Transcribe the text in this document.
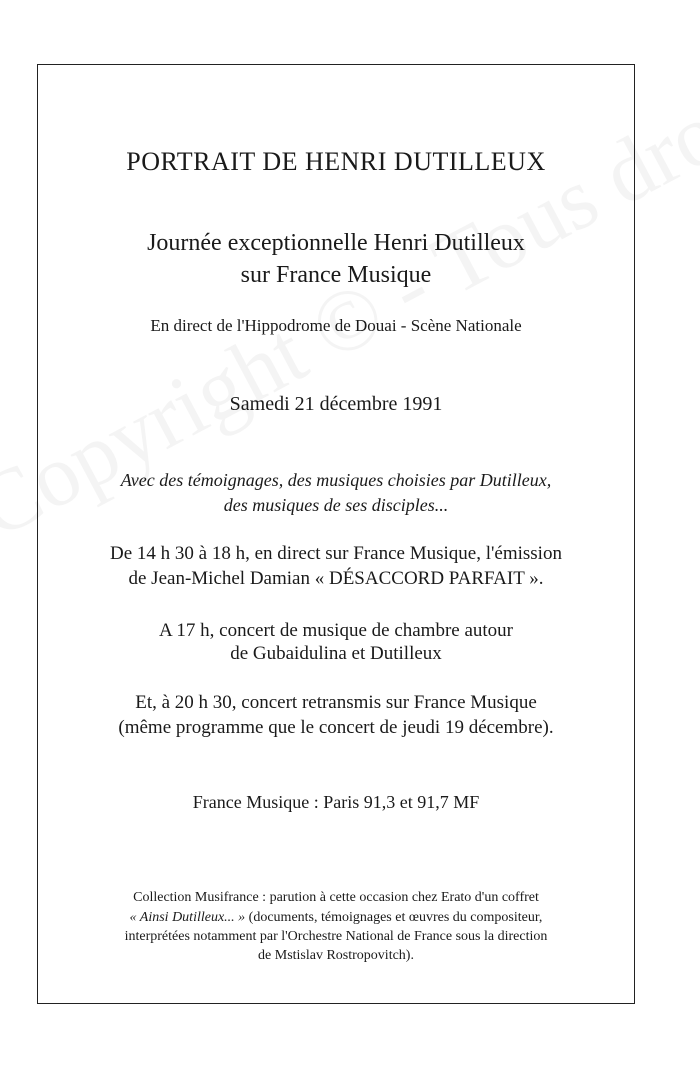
PORTRAIT DE HENRI DUTILLEUX

Journée exceptionnelle Henri Dutilleux

sur France Musique

En direct de l'Hippodrome de Douai - Scène Nationale

Samedi 21 décembre 1991

Avec des témoignages, des musiques choisies par Dutilleux,

des musiques de ses disciples...

De 14 h 30 à 18 h, en direct sur France Musique, l'émission

de Jean-Michel Damian « DÉSACCORD PARFAIT ».

A 17 h, concert de musique de chambre autour

de Gubaidulina et Dutilleux

Et, à 20 h 30, concert retransmis sur France Musique

(même programme que le concert de jeudi 19 décembre).

France Musique : Paris 91,3 et 91,7 MF

Collection Musifrance : parution à cette occasion chez Erato d'un coffret

« Ainsi Dutilleux... » (documents, témoignages et œuvres du compositeur,

interprétées notamment par l'Orchestre National de France sous la direction

de Mstislav Rostropovitch).
